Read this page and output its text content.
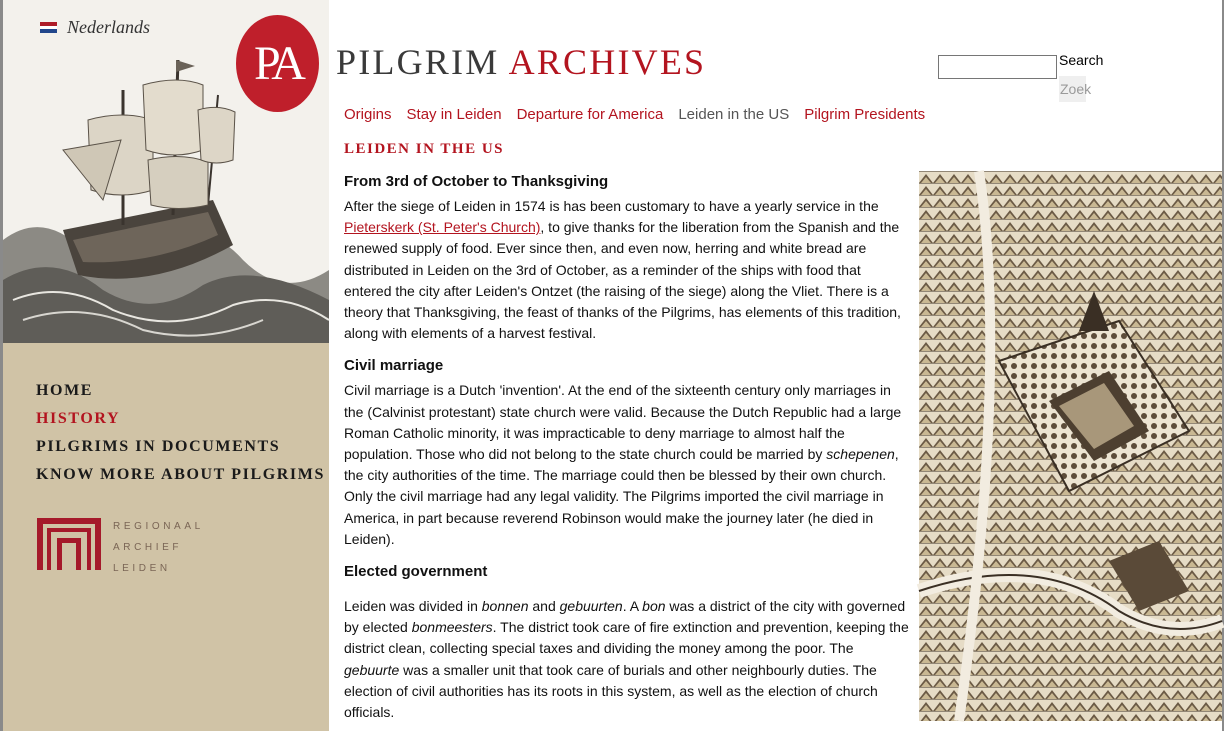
Nederlands
HOME
HISTORY
PILGRIMS IN DOCUMENTS
KNOW MORE ABOUT PILGRIMS
REGIONAAL
ARCHIEF
LEIDEN
PA PILGRIM ARCHIVES	Search
Zoek
Origins Stay in Leiden Departure for America Leiden in the US Pilgrim Presidents
LEIDEN IN THE US
From 3rd of October to Thanksgiving

After the siege of Leiden in 1574 is has been customary to have a yearly service in the Pieterskerk (St. Peter's Church), to give thanks for the liberation from the Spanish and the renewed supply of food. Ever since then, and even now, herring and white bread are distributed in Leiden on the 3rd of October, as a reminder of the ships with food that entered the city after Leiden's Ontzet (the raising of the siege) along the Vliet. There is a theory that Thanksgiving, the feast of thanks of the Pilgrims, has elements of this tradition, along with elements of a harvest festival.

Civil marriage

Civil marriage is a Dutch 'invention'. At the end of the sixteenth century only marriages in the (Calvinist protestant) state church were valid. Because the Dutch Republic had a large Roman Catholic minority, it was impracticable to deny marriage to almost half the population. Those who did not belong to the state church could be married by schepenen, the city authorities of the time. The marriage could then be blessed by their own church. Only the civil marriage had any legal validity. The Pilgrims imported the civil marriage in America, in part because reverend Robinson would make the journey later (he died in Leiden).

Elected government

Leiden was divided in bonnen and gebuurten. A bon was a district of the city with governed by elected bonmeesters. The district took care of fire extinction and prevention, keeping the district clean, collecting special taxes and dividing the money among the poor. The gebuurte was a smaller unit that took care of burials and other neighbourly duties. The election of civil authorities has its roots in this system, as well as the election of church officials.
